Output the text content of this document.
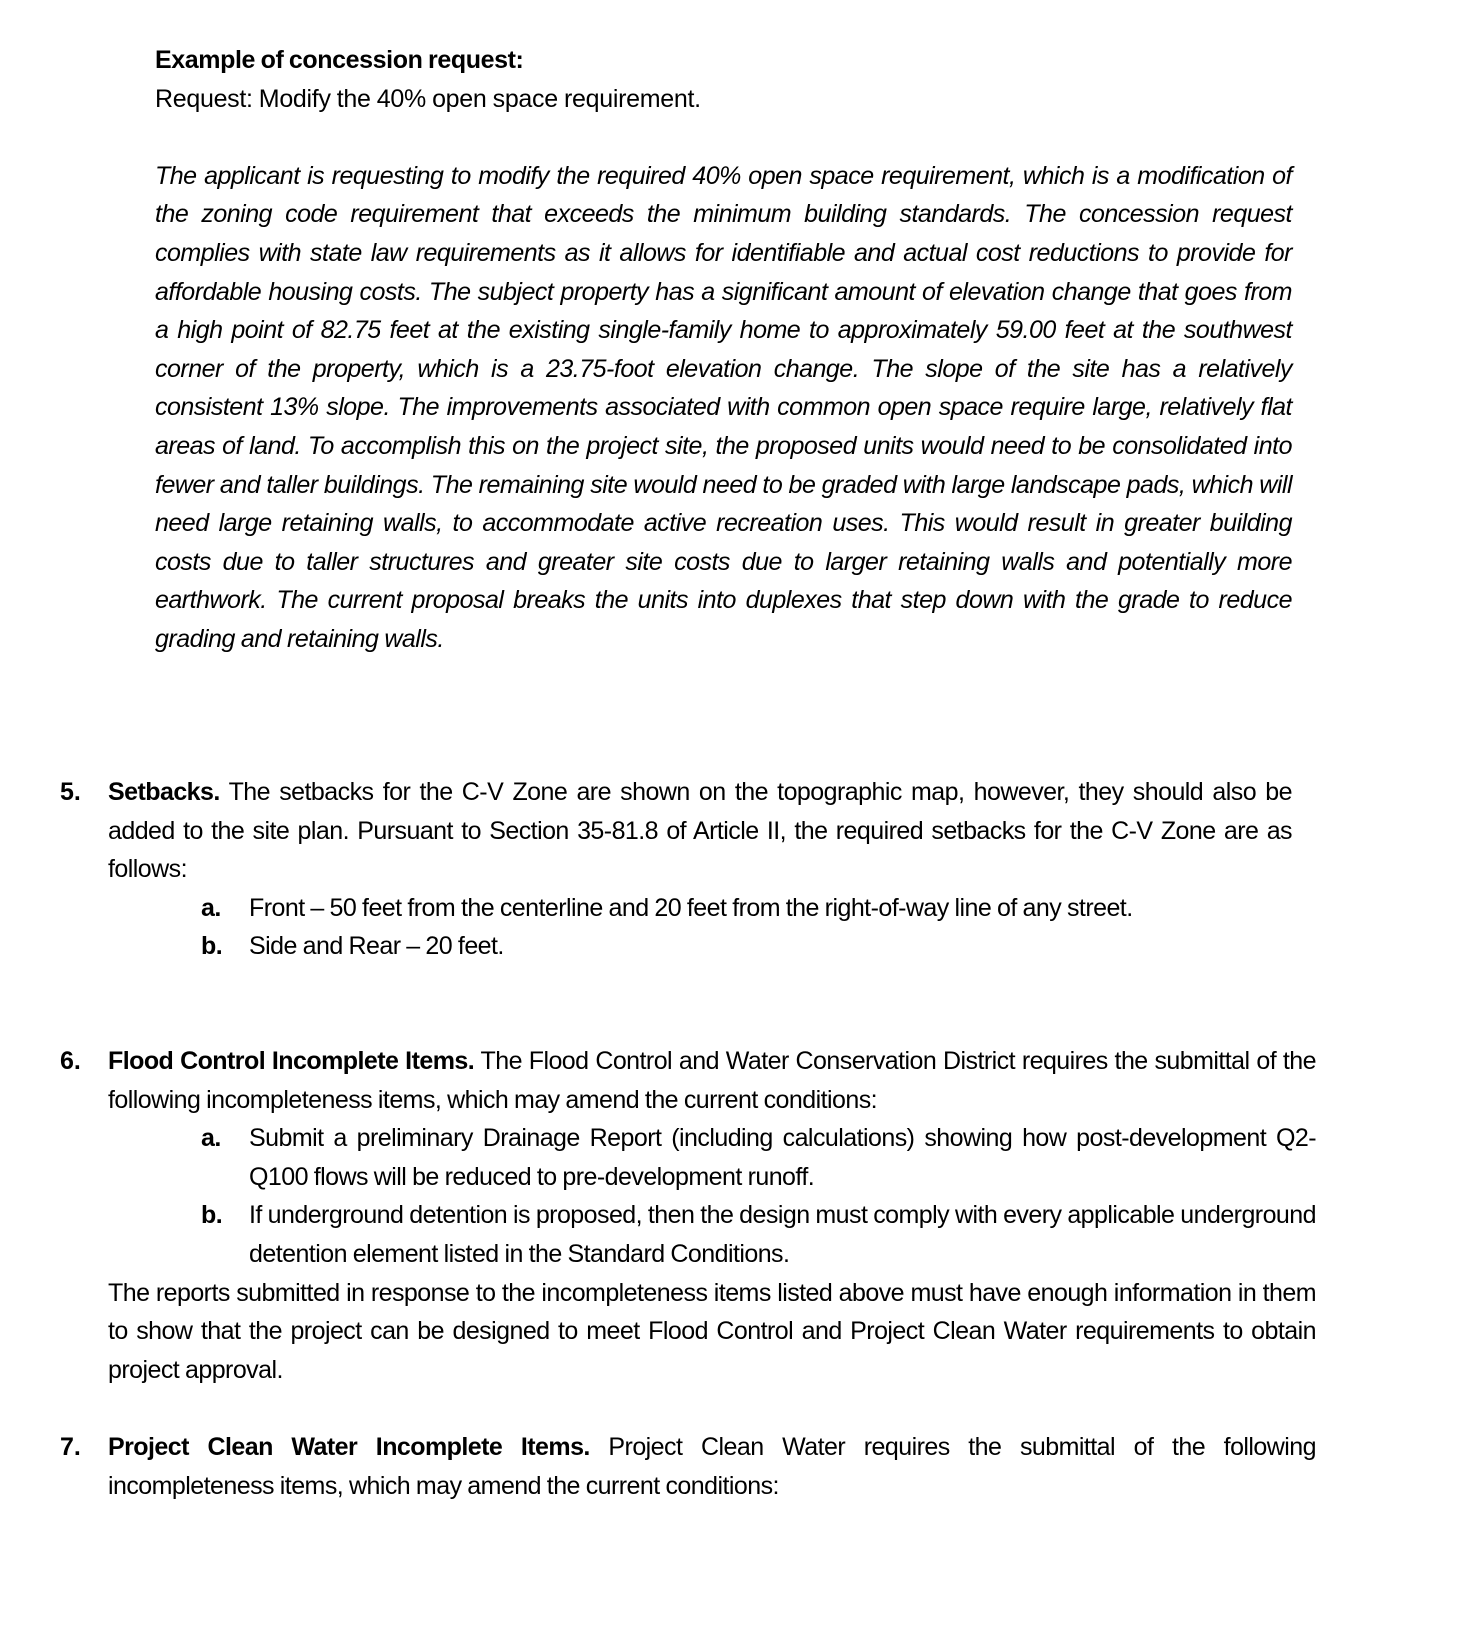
Example of concession request:
Request: Modify the 40% open space requirement.

The applicant is requesting to modify the required 40% open space requirement, which is a modification of the zoning code requirement that exceeds the minimum building standards. The concession request complies with state law requirements as it allows for identifiable and actual cost reductions to provide for affordable housing costs. The subject property has a significant amount of elevation change that goes from a high point of 82.75 feet at the existing single-family home to approximately 59.00 feet at the southwest corner of the property, which is a 23.75-foot elevation change. The slope of the site has a relatively consistent 13% slope. The improvements associated with common open space require large, relatively flat areas of land. To accomplish this on the project site, the proposed units would need to be consolidated into fewer and taller buildings. The remaining site would need to be graded with large landscape pads, which will need large retaining walls, to accommodate active recreation uses. This would result in greater building costs due to taller structures and greater site costs due to larger retaining walls and potentially more earthwork. The current proposal breaks the units into duplexes that step down with the grade to reduce grading and retaining walls.

5. Setbacks. The setbacks for the C-V Zone are shown on the topographic map, however, they should also be added to the site plan. Pursuant to Section 35-81.8 of Article II, the required setbacks for the C-V Zone are as follows:
a. Front – 50 feet from the centerline and 20 feet from the right-of-way line of any street.
b. Side and Rear – 20 feet.
6. Flood Control Incomplete Items. The Flood Control and Water Conservation District requires the submittal of the following incompleteness items, which may amend the current conditions:
a. Submit a preliminary Drainage Report (including calculations) showing how post-development Q2-Q100 flows will be reduced to pre-development runoff.
b. If underground detention is proposed, then the design must comply with every applicable underground detention element listed in the Standard Conditions.
The reports submitted in response to the incompleteness items listed above must have enough information in them to show that the project can be designed to meet Flood Control and Project Clean Water requirements to obtain project approval.
7. Project Clean Water Incomplete Items. Project Clean Water requires the submittal of the following incompleteness items, which may amend the current conditions:
